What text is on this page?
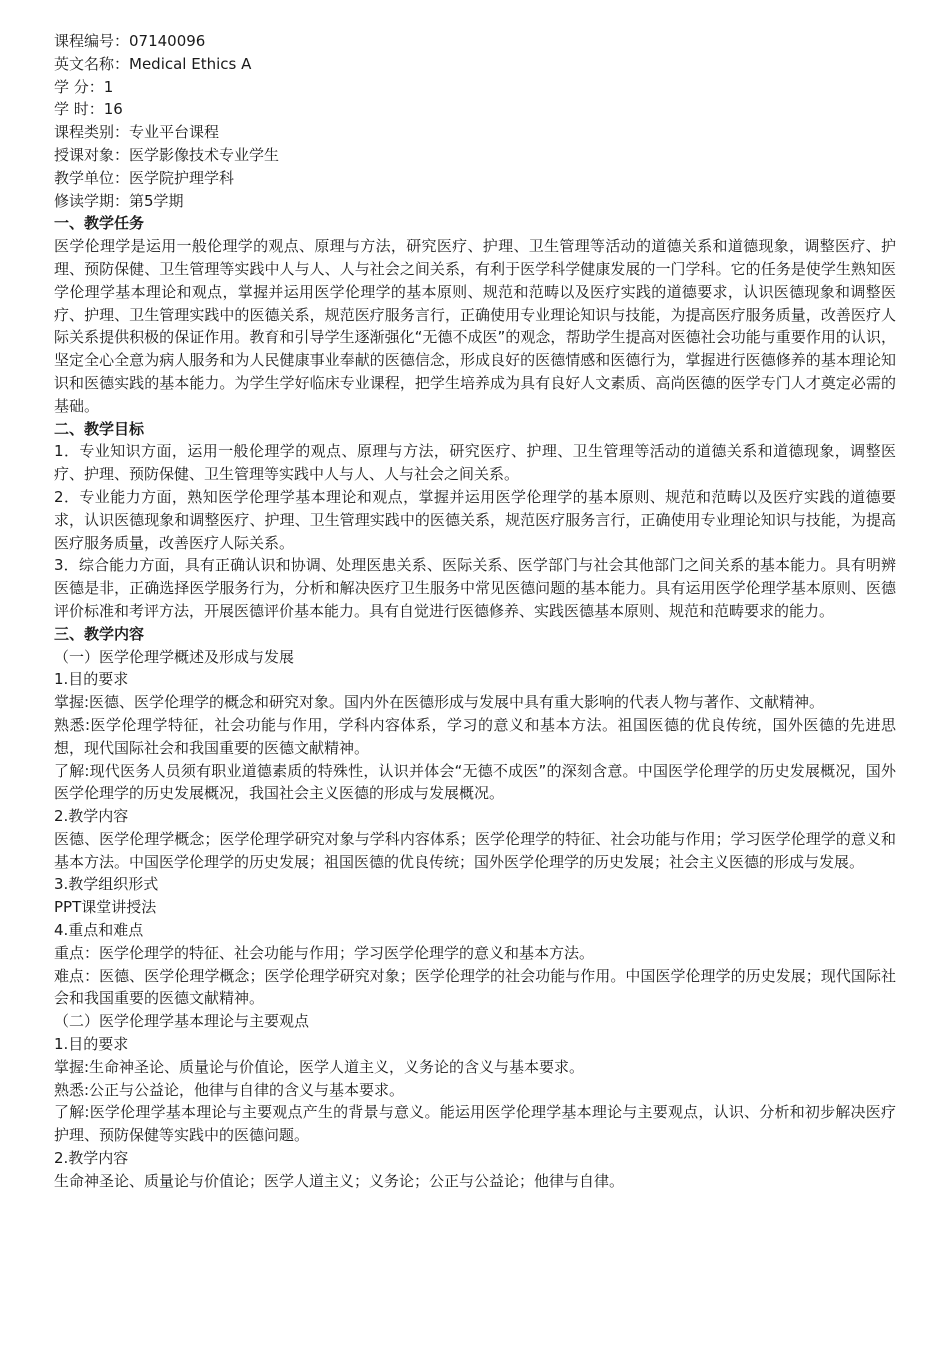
课程编号：07140096

英文名称：Medical Ethics A

学 分：1

学 时：16

课程类别：专业平台课程

授课对象：医学影像技术专业学生

教学单位：医学院护理学科

修读学期：第5学期

一、教学任务

医学伦理学是运用一般伦理学的观点、原理与方法，研究医疗、护理、卫生管理等活动的道德关系和道德现象，调整医疗、护理、预防保健、卫生管理等实践中人与人、人与社会之间关系，有利于医学科学健康发展的一门学科。它的任务是使学生熟知医学伦理学基本理论和观点，掌握并运用医学伦理学的基本原则、规范和范畴以及医疗实践的道德要求，认识医德现象和调整医疗、护理、卫生管理实践中的医德关系，规范医疗服务言行，正确使用专业理论知识与技能，为提高医疗服务质量，改善医疗人际关系提供积极的保证作用。教育和引导学生逐渐强化“无德不成医”的观念，帮助学生提高对医德社会功能与重要作用的认识，坚定全心全意为病人服务和为人民健康事业奉献的医德信念，形成良好的医德情感和医德行为，掌握进行医德修养的基本理论知识和医德实践的基本能力。为学生学好临床专业课程，把学生培养成为具有良好人文素质、高尚医德的医学专门人才奠定必需的基础。

二、教学目标

1．专业知识方面，运用一般伦理学的观点、原理与方法，研究医疗、护理、卫生管理等活动的道德关系和道德现象，调整医疗、护理、预防保健、卫生管理等实践中人与人、人与社会之间关系。

2．专业能力方面，熟知医学伦理学基本理论和观点，掌握并运用医学伦理学的基本原则、规范和范畴以及医疗实践的道德要求，认识医德现象和调整医疗、护理、卫生管理实践中的医德关系，规范医疗服务言行，正确使用专业理论知识与技能，为提高医疗服务质量，改善医疗人际关系。

3．综合能力方面，具有正确认识和协调、处理医患关系、医际关系、医学部门与社会其他部门之间关系的基本能力。具有明辨医德是非，正确选择医学服务行为，分析和解决医疗卫生服务中常见医德问题的基本能力。具有运用医学伦理学基本原则、医德评价标准和考评方法，开展医德评价基本能力。具有自觉进行医德修养、实践医德基本原则、规范和范畴要求的能力。

三、教学内容

（一）医学伦理学概述及形成与发展

1.目的要求

掌握:医德、医学伦理学的概念和研究对象。国内外在医德形成与发展中具有重大影响的代表人物与著作、文献精神。

熟悉:医学伦理学特征，社会功能与作用，学科内容体系，学习的意义和基本方法。祖国医德的优良传统，国外医德的先进思想，现代国际社会和我国重要的医德文献精神。

了解:现代医务人员须有职业道德素质的特殊性，认识并体会“无德不成医”的深刻含意。中国医学伦理学的历史发展概况，国外医学伦理学的历史发展概况，我国社会主义医德的形成与发展概况。

2.教学内容

医德、医学伦理学概念；医学伦理学研究对象与学科内容体系；医学伦理学的特征、社会功能与作用；学习医学伦理学的意义和基本方法。中国医学伦理学的历史发展；祖国医德的优良传统；国外医学伦理学的历史发展；社会主义医德的形成与发展。

3.教学组织形式

PPT课堂讲授法

4.重点和难点

重点：医学伦理学的特征、社会功能与作用；学习医学伦理学的意义和基本方法。

难点：医德、医学伦理学概念；医学伦理学研究对象；医学伦理学的社会功能与作用。中国医学伦理学的历史发展；现代国际社会和我国重要的医德文献精神。

（二）医学伦理学基本理论与主要观点

1.目的要求

掌握:生命神圣论、质量论与价值论，医学人道主义，义务论的含义与基本要求。

熟悉:公正与公益论，他律与自律的含义与基本要求。

了解:医学伦理学基本理论与主要观点产生的背景与意义。能运用医学伦理学基本理论与主要观点，认识、分析和初步解决医疗护理、预防保健等实践中的医德问题。

2.教学内容

生命神圣论、质量论与价值论；医学人道主义；义务论；公正与公益论；他律与自律。
